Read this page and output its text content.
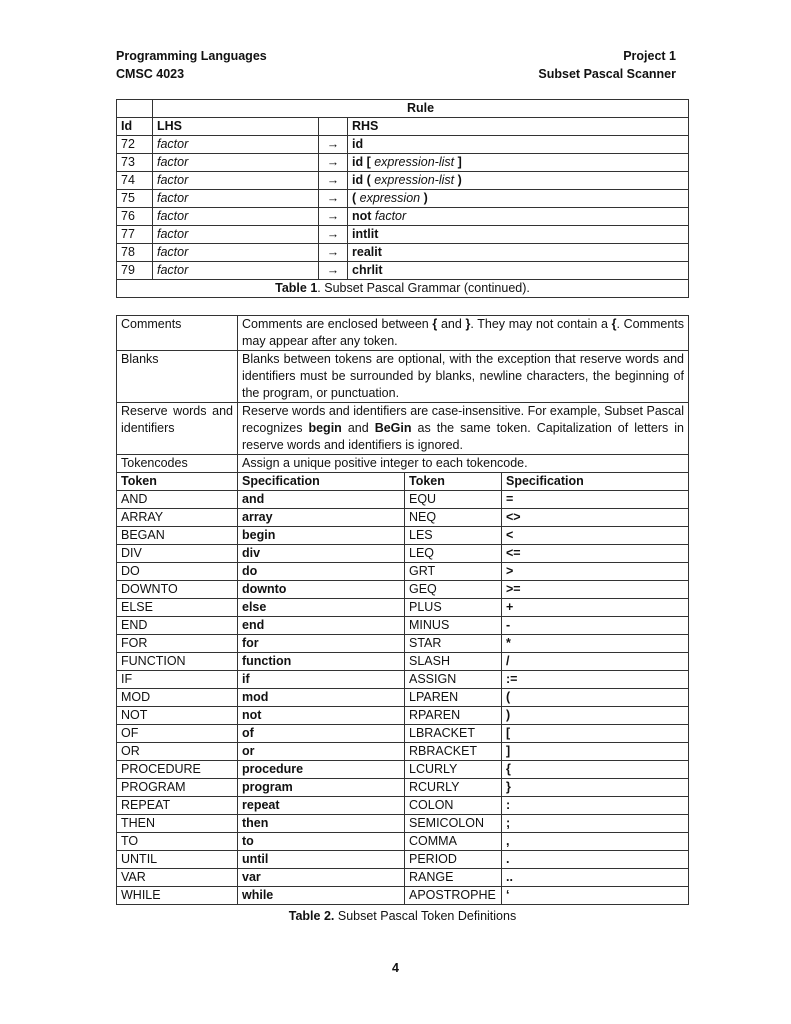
Programming Languages
CMSC 4023
Project 1
Subset Pascal Scanner
	Rule		
Id	LHS		RHS
72	factor	→	id
73	factor	→	id [ expression-list ]
74	factor	→	id ( expression-list )
75	factor	→	( expression )
76	factor	→	not factor
77	factor	→	intlit
78	factor	→	realit
79	factor	→	chrlit
Table 1. Subset Pascal Grammar (continued).			
Comments	Comments are enclosed between { and }. They may not contain a {. Comments may appear after any token.		
Blanks	Blanks between tokens are optional, with the exception that reserve words and identifiers must be surrounded by blanks, newline characters, the beginning of the program, or punctuation.		
Reserve words and identifiers	Reserve words and identifiers are case-insensitive. For example, Subset Pascal recognizes begin and BeGin as the same token. Capitalization of letters in reserve words and identifiers is ignored.		
Tokencodes	Assign a unique positive integer to each tokencode.		
Token	Specification	Token	Specification
AND	and	EQU	=
ARRAY	array	NEQ	<>
BEGAN	begin	LES	<
DIV	div	LEQ	<=
DO	do	GRT	>
DOWNTO	downto	GEQ	>=
ELSE	else	PLUS	+
END	end	MINUS	-
FOR	for	STAR	*
FUNCTION	function	SLASH	/
IF	if	ASSIGN	:=
MOD	mod	LPAREN	(
NOT	not	RPAREN	)
OF	of	LBRACKET	[
OR	or	RBRACKET	]
PROCEDURE	procedure	LCURLY	{
PROGRAM	program	RCURLY	}
REPEAT	repeat	COLON	:
THEN	then	SEMICOLON	;
TO	to	COMMA	,
UNTIL	until	PERIOD	.
VAR	var	RANGE	..
WHILE	while	APOSTROPHE	‘
Table 2. Subset Pascal Token Definitions
4
